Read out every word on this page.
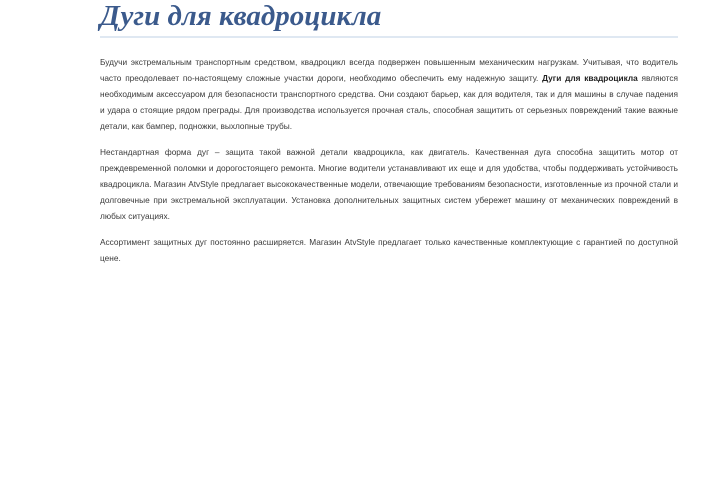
Дуги для квадроцикла

Будучи экстремальным транспортным средством, квадроцикл всегда подвержен повышенным механическим нагрузкам. Учитывая, что водитель часто преодолевает по-настоящему сложные участки дороги, необходимо обеспечить ему надежную защиту. Дуги для квадроцикла являются необходимым аксессуаром для безопасности транспортного средства. Они создают барьер, как для водителя, так и для машины в случае падения и удара о стоящие рядом преграды. Для производства используется прочная сталь, способная защитить от серьезных повреждений такие важные детали, как бампер, подножки, выхлопные трубы.

Нестандартная форма дуг – защита такой важной детали квадроцикла, как двигатель. Качественная дуга способна защитить мотор от преждевременной поломки и дорогостоящего ремонта. Многие водители устанавливают их еще и для удобства, чтобы поддерживать устойчивость квадроцикла. Магазин AtvStyle предлагает высококачественные модели, отвечающие требованиям безопасности, изготовленные из прочной стали и долговечные при экстремальной эксплуатации. Установка дополнительных защитных систем убережет машину от механических повреждений в любых ситуациях.

Ассортимент защитных дуг постоянно расширяется. Магазин AtvStyle предлагает только качественные комплектующие с гарантией по доступной цене.
